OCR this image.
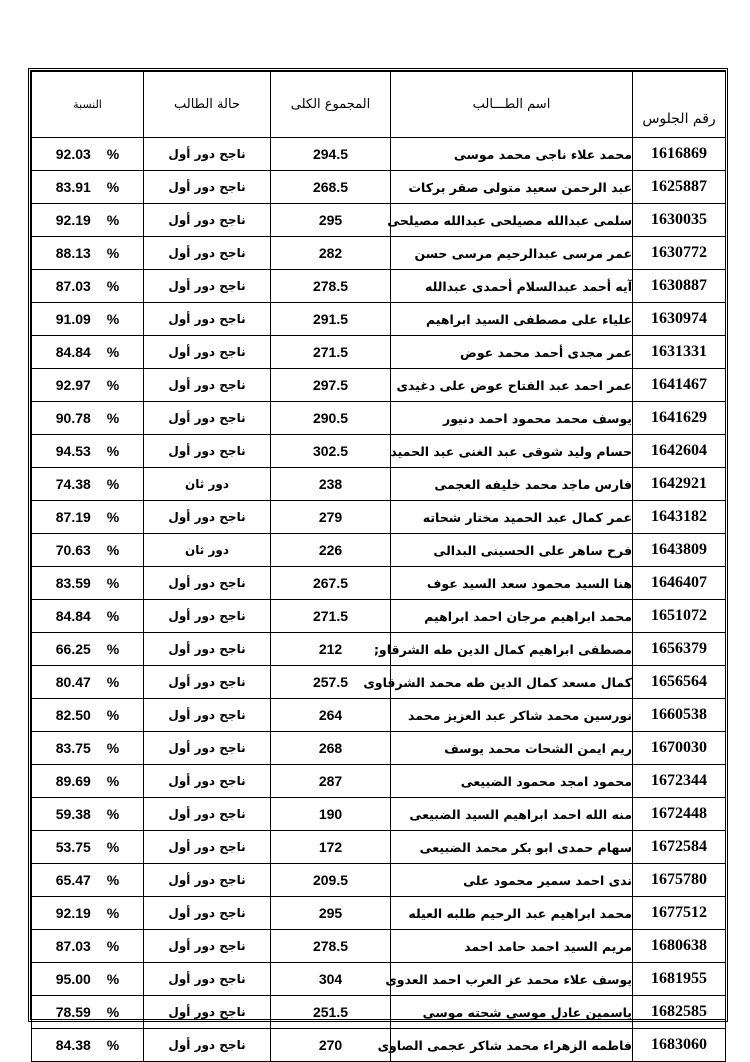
النسبة	حالة الطالب	المجموع الكلى	اسم الطـــالب	رقم الجلوس
92.03 %	ناجح دور أول	294.5	محمد علاء ناجى محمد موسى	1616869
83.91 %	ناجح دور أول	268.5	عبد الرحمن سعيد متولى صقر بركات	1625887
92.19 %	ناجح دور أول	295	سلمى عبدالله مصيلحى عبدالله مصيلحى	1630035
88.13 %	ناجح دور أول	282	عمر مرسى عبدالرحيم مرسى حسن	1630772
87.03 %	ناجح دور أول	278.5	آيه أحمد عبدالسلام أحمدى عبدالله	1630887
91.09 %	ناجح دور أول	291.5	علياء على مصطفى السيد ابراهيم	1630974
84.84 %	ناجح دور أول	271.5	عمر مجدى أحمد محمد عوض	1631331
92.97 %	ناجح دور أول	297.5	عمر احمد عبد الفتاح عوض على دغيدى	1641467
90.78 %	ناجح دور أول	290.5	يوسف محمد محمود احمد دنيور	1641629
94.53 %	ناجح دور أول	302.5	حسام وليد شوقى عبد الغنى عبد الحميد	1642604
74.38 %	دور ثان	238	فارس ماجد محمد خليفه العجمى	1642921
87.19 %	ناجح دور أول	279	عمر كمال عبد الحميد مختار شحاته	1643182
70.63 %	دور ثان	226	فرح ساهر على الحسينى البدالى	1643809
83.59 %	ناجح دور أول	267.5	هنا السيد محمود سعد السيد عوف	1646407
84.84 %	ناجح دور أول	271.5	محمد ابراهيم مرجان احمد ابراهيم	1651072
66.25 %	ناجح دور أول	212	مصطفى ابراهيم كمال الدين طه الشرقاو;	1656379
80.47 %	ناجح دور أول	257.5	كمال مسعد كمال الدين طه محمد الشرقاوى	1656564
82.50 %	ناجح دور أول	264	نورسين محمد شاكر عبد العزيز محمد	1660538
83.75 %	ناجح دور أول	268	ريم ايمن الشحات محمد يوسف	1670030
89.69 %	ناجح دور أول	287	محمود امجد محمود الضبيعى	1672344
59.38 %	ناجح دور أول	190	منه الله احمد ابراهيم السيد الضبيعى	1672448
53.75 %	ناجح دور أول	172	سهام حمدى ابو بكر محمد الضبيعى	1672584
65.47 %	ناجح دور أول	209.5	ندى احمد سمير محمود على	1675780
92.19 %	ناجح دور أول	295	محمد ابراهيم عبد الرحيم طلبه العيله	1677512
87.03 %	ناجح دور أول	278.5	مريم السيد احمد حامد احمد	1680638
95.00 %	ناجح دور أول	304	يوسف علاء محمد عز العرب احمد العدوى	1681955
78.59 %	ناجح دور أول	251.5	ياسمين عادل موسى شحته موسى	1682585
84.38 %	ناجح دور أول	270	فاطمه الزهراء محمد شاكر عجمى الصاوى	1683060
